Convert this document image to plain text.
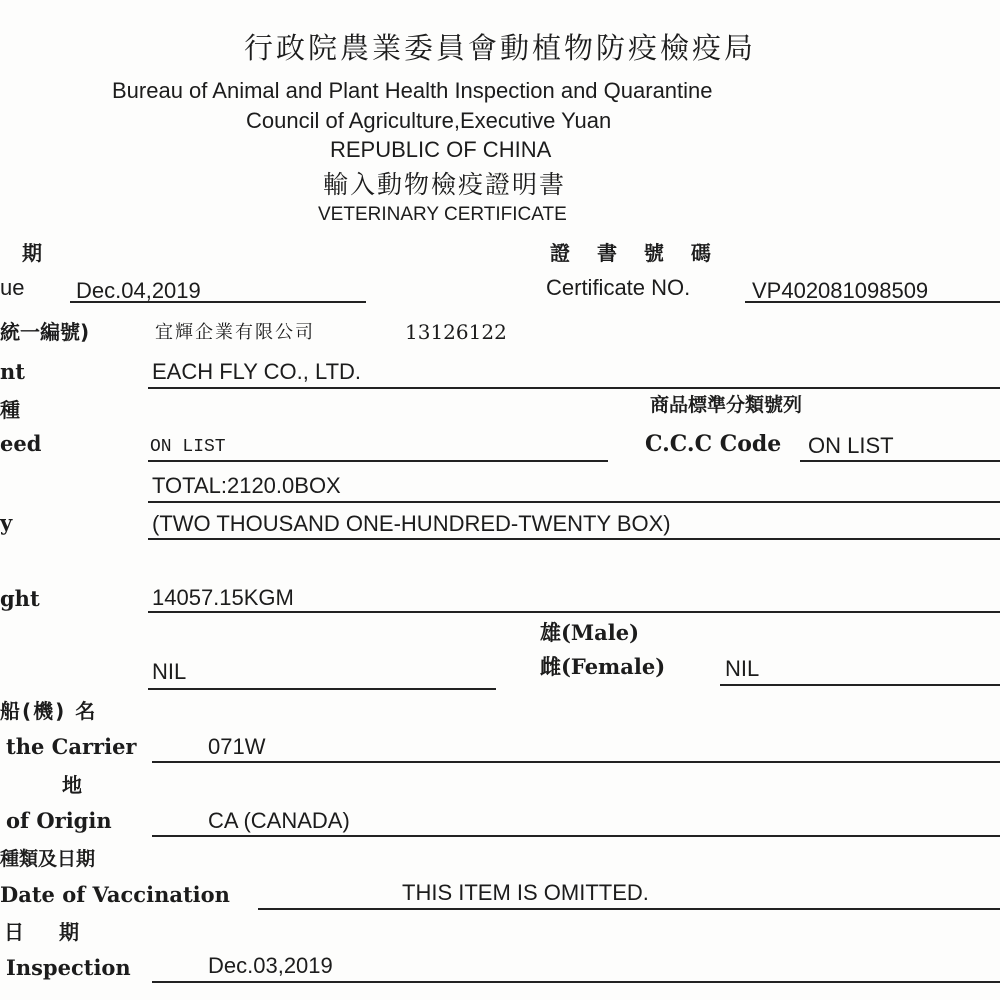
行政院農業委員會動植物防疫檢疫局
Bureau of Animal and Plant Health Inspection and Quarantine
Council of Agriculture,Executive Yuan
REPUBLIC OF CHINA
輸入動物檢疫證明書
VETERINARY CERTIFICATE
期
ue Dec.04,2019
證 書 號 碼
Certificate NO.	VP402081098509
統一編號)	宜輝企業有限公司	13126122
nt	EACH FLY CO., LTD.
種
eed	ON LIST
商品標準分類號列
C.C.C Code ON LIST
TOTAL:2120.0BOX
y	(TWO THOUSAND ONE-HUNDRED-TWENTY BOX)
ght	14057.15KGM
雄(Male)
NIL	雌(Female)	NIL
船(機) 名
the Carrier	071W
地
of Origin	CA (CANADA)
種類及日期
Date of Vaccination	THIS ITEM IS OMITTED.
日 期
Inspection	Dec.03,2019
